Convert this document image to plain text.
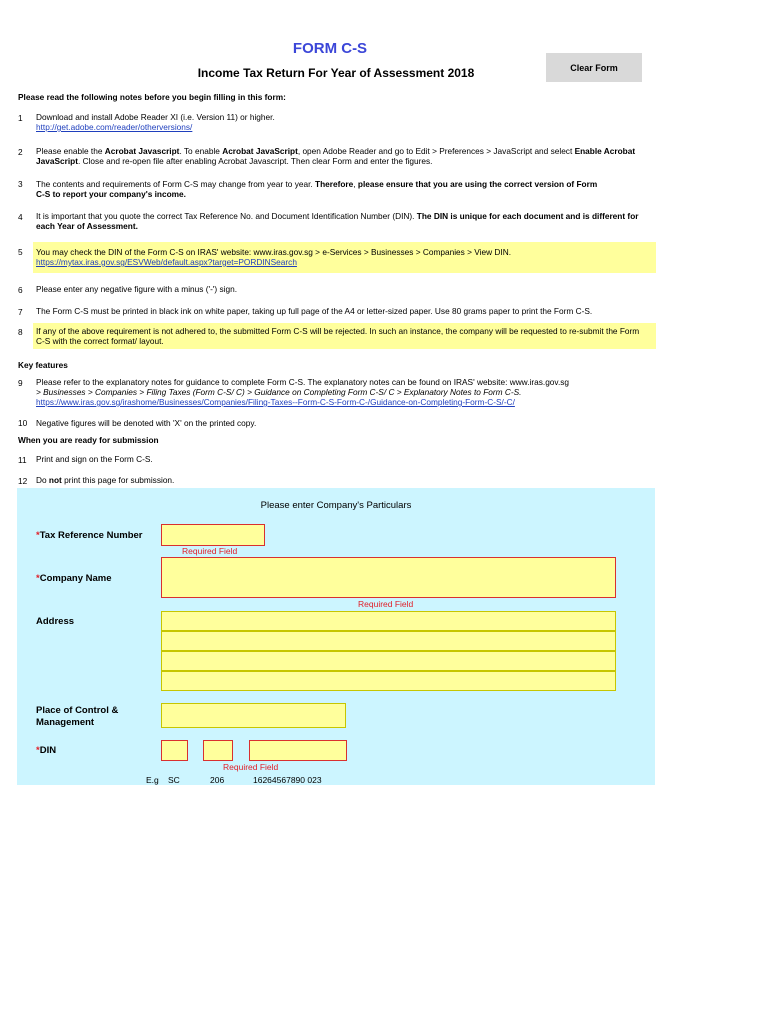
FORM C-S
Income Tax Return For Year of Assessment 2018	Clear Form
Please read the following notes before you begin filling in this form:
1 Download and install Adobe Reader XI (i.e. Version 11) or higher.
http://get.adobe.com/reader/otherversions/
2 Please enable the Acrobat Javascript. To enable Acrobat JavaScript, open Adobe Reader and go to Edit > Preferences > JavaScript and select Enable Acrobat JavaScript. Close and re-open file after enabling Acrobat Javascript. Then clear Form and enter the figures.
3 The contents and requirements of Form C-S may change from year to year. Therefore, please ensure that you are using the correct version of Form C-S to report your company's income.
4 It is important that you quote the correct Tax Reference No. and Document Identification Number (DIN). The DIN is unique for each document and is different for each Year of Assessment.
5 You may check the DIN of the Form C-S on IRAS' website: www.iras.gov.sg > e-Services > Businesses > Companies > View DIN.
https://mytax.iras.gov.sg/ESVWeb/default.aspx?target=PORDINSearch
6 Please enter any negative figure with a minus ('-') sign.
7 The Form C-S must be printed in black ink on white paper, taking up full page of the A4 or letter-sized paper. Use 80 grams paper to print the Form C-S.
8 If any of the above requirement is not adhered to, the submitted Form C-S will be rejected. In such an instance, the company will be requested to re-submit the Form C-S with the correct format/ layout.
Key features
9 Please refer to the explanatory notes for guidance to complete Form C-S. The explanatory notes can be found on IRAS' website: www.iras.gov.sg
> Businesses > Companies > Filing Taxes (Form C-S/ C) > Guidance on Completing Form C-S/ C > Explanatory Notes to Form C-S.
https://www.iras.gov.sg/irashome/Businesses/Companies/Filing-Taxes--Form-C-S-Form-C-/Guidance-on-Completing-Form-C-S/-C/
10 Negative figures will be denoted with 'X' on the printed copy.
When you are ready for submission
11 Print and sign on the Form C-S.
12 Do not print this page for submission.
Please enter Company's Particulars
*Tax Reference Number
Required Field
*Company Name
Required Field
Address
Place of Control &
Management
*DIN
Required Field
E.g SC	206	16264567890 023
